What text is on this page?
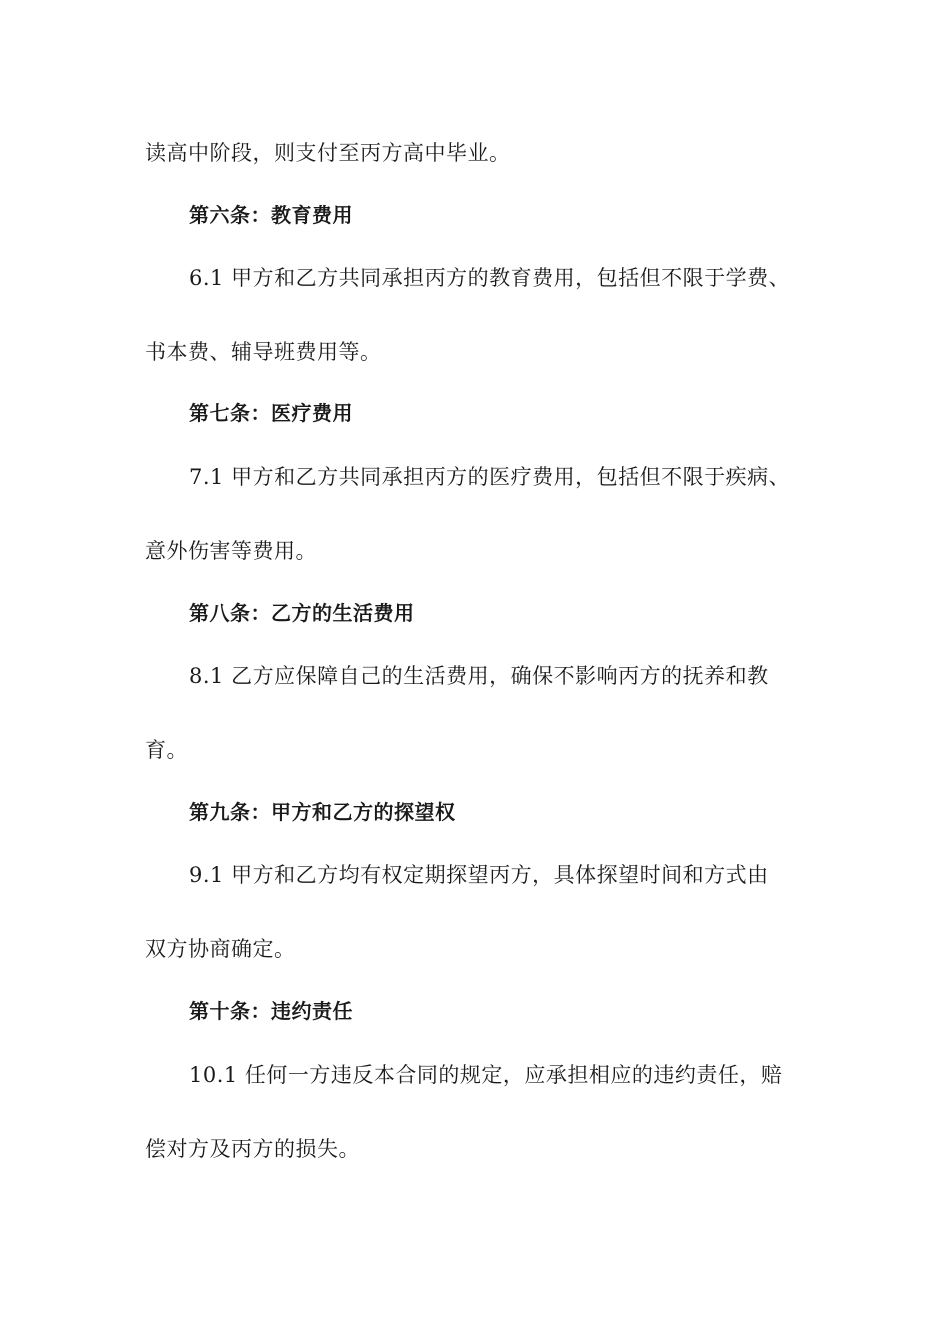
读高中阶段，则支付至丙方高中毕业。
第六条：教育费用
6.1 甲方和乙方共同承担丙方的教育费用，包括但不限于学费、
书本费、辅导班费用等。
第七条：医疗费用
7.1 甲方和乙方共同承担丙方的医疗费用，包括但不限于疾病、
意外伤害等费用。
第八条：乙方的生活费用
8.1 乙方应保障自己的生活费用，确保不影响丙方的抚养和教
育。
第九条：甲方和乙方的探望权
9.1 甲方和乙方均有权定期探望丙方，具体探望时间和方式由
双方协商确定。
第十条：违约责任
10.1 任何一方违反本合同的规定，应承担相应的违约责任，赔
偿对方及丙方的损失。
